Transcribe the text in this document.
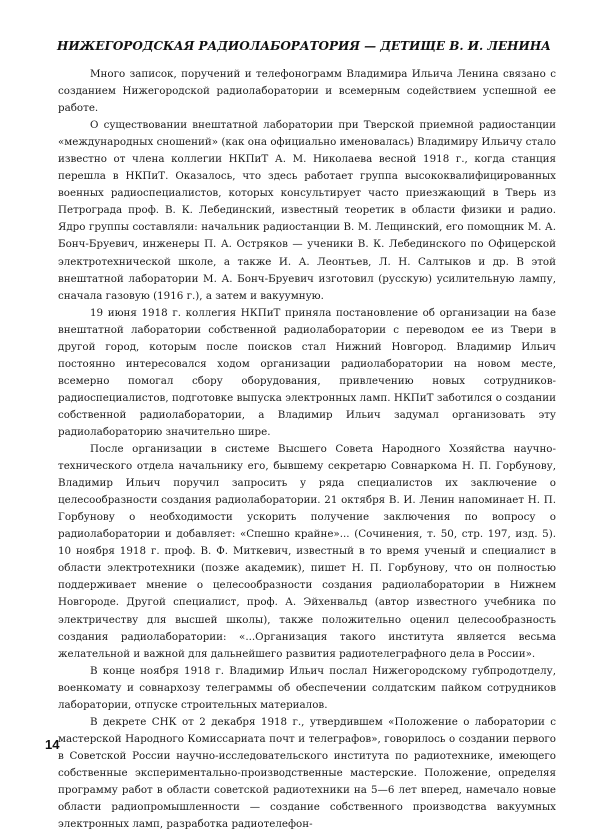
НИЖЕГОРОДСКАЯ РАДИОЛАБОРАТОРИЯ — ДЕТИЩЕ В. И. ЛЕНИНА

Много записок, поручений и телефонограмм Владимира Ильича Ленина связано с созданием Нижегородской радиолаборатории и всемерным содействием успешной ее работе.

О существовании внештатной лаборатории при Тверской приемной радиостанции «международных сношений» (как она официально именовалась) Владимиру Ильичу стало известно от члена коллегии НКПиТ А. М. Николаева весной 1918 г., когда станция перешла в НКПиТ. Оказалось, что здесь работает группа высококвалифицированных военных радиоспециалистов, которых консультирует часто приезжающий в Тверь из Петрограда проф. В. К. Лебединский, известный теоретик в области физики и радио. Ядро группы составляли: начальник радиостанции В. М. Лещинский, его помощник М. А. Бонч-Бруевич, инженеры П. А. Остряков — ученики В. К. Лебединского по Офицерской электротехнической школе, а также И. А. Леонтьев, Л. Н. Салтыков и др. В этой внештатной лаборатории М. А. Бонч-Бруевич изготовил (русскую) усилительную лампу, сначала газовую (1916 г.), а затем и вакуумную.

19 июня 1918 г. коллегия НКПиТ приняла постановление об организации на базе внештатной лаборатории собственной радиолаборатории с переводом ее из Твери в другой город, которым после поисков стал Нижний Новгород. Владимир Ильич постоянно интересовался ходом организации радиолаборатории на новом месте, всемерно помогал сбору оборудования, привлечению новых сотрудников-радиоспециалистов, подготовке выпуска электронных ламп. НКПиТ заботился о создании собственной радиолаборатории, а Владимир Ильич задумал организовать эту радиолабораторию значительно шире.

После организации в системе Высшего Совета Народного Хозяйства научно-технического отдела начальнику его, бывшему секретарю Совнаркома Н. П. Горбунову, Владимир Ильич поручил запросить у ряда специалистов их заключение о целесообразности создания радиолаборатории. 21 октября В. И. Ленин напоминает Н. П. Горбунову о необходимости ускорить получение заключения по вопросу о радиолаборатории и добавляет: «Спешно крайне»... (Сочинения, т. 50, стр. 197, изд. 5). 10 ноября 1918 г. проф. В. Ф. Миткевич, известный в то время ученый и специалист в области электротехники (позже академик), пишет Н. П. Горбунову, что он полностью поддерживает мнение о целесообразности создания радиолаборатории в Нижнем Новгороде. Другой специалист, проф. А. Эйхенвальд (автор известного учебника по электричеству для высшей школы), также положительно оценил целесообразность создания радиолаборатории: «...Организация такого института является весьма желательной и важной для дальнейшего развития радиотелеграфного дела в России».

В конце ноября 1918 г. Владимир Ильич послал Нижегородскому губпродотделу, военкомату и совнархозу телеграммы об обеспечении солдатским пайком сотрудников лаборатории, отпуске строительных материалов.

В декрете СНК от 2 декабря 1918 г., утвердившем «Положение о лаборатории с мастерской Народного Комиссариата почт и телеграфов», говорилось о создании первого в Советской России научно-исследовательского института по радиотехнике, имеющего собственные экспериментально-производственные мастерские. Положение, определяя программу работ в области советской радиотехники на 5—6 лет вперед, намечало новые области радиопромышленности — создание собственного производства вакуумных электронных ламп, разработка радиотелефон-

14
